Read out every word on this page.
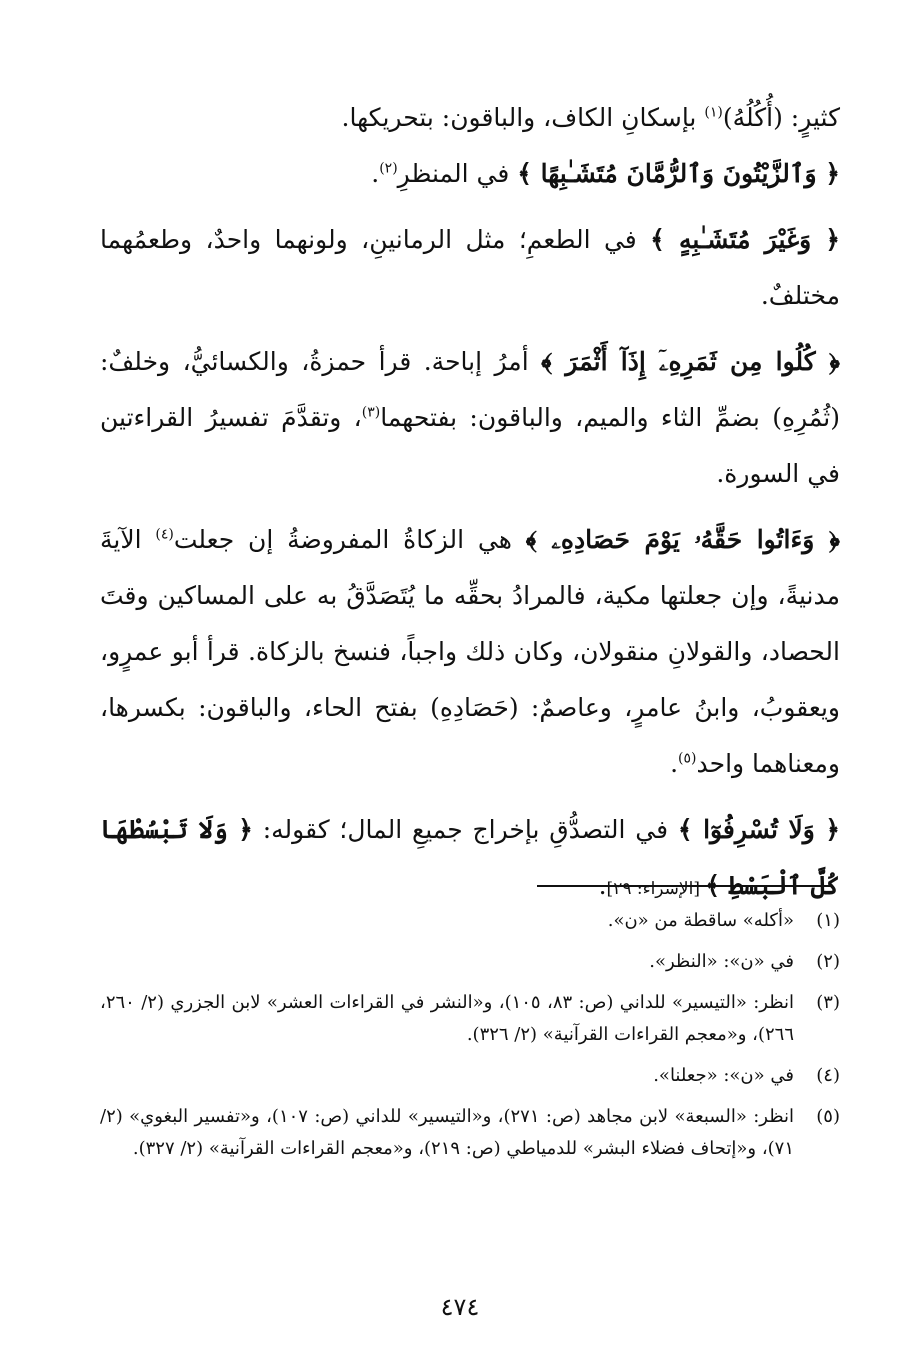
كثيرٍ: (أُكُلُهُ)$^{(١)}$ بإسكانِ الكاف، والباقون: بتحريكها.

﴿ وَٱلزَّيْتُونَ وَٱلرُّمَّانَ مُتَشَـٰبِهًا ﴾ في المنظرِ$^{(٢)}$.

﴿ وَغَيْرَ مُتَشَـٰبِهٍ ﴾ في الطعمِ؛ مثل الرمانينِ، ولونهما واحدٌ، وطعمُهما مختلفٌ.

﴿ كُلُوا مِن ثَمَرِهِۦٓ إِذَآ أَثْمَرَ ﴾ أمرُ إباحة. قرأ حمزةُ، والكسائيُّ، وخلفٌ: (ثُمُرِهِ) بضمِّ الثاء والميم، والباقون: بفتحهما$^{(٣)}$، وتقدَّمَ تفسيرُ القراءتين في السورة.

﴿ وَءَاتُوا حَقَّهُۥ يَوْمَ حَصَادِهِۦ ﴾ هي الزكاةُ المفروضةُ إن جعلت$^{(٤)}$ الآيةَ مدنيةً، وإن جعلتها مكية، فالمرادُ بحقِّه ما يُتَصَدَّقُ به على المساكين وقتَ الحصاد، والقولانِ منقولان، وكان ذلك واجباً، فنسخ بالزكاة. قرأ أبو عمرٍو، ويعقوبُ، وابنُ عامرٍ، وعاصمٌ: (حَصَادِهِ) بفتح الحاء، والباقون: بكسرها، ومعناهما واحد$^{(٥)}$.

﴿ وَلَا تُسْرِفُوٓا ﴾ في التصدُّقِ بإخراج جميعِ المال؛ كقوله: ﴿ وَلَا تَبْسُطْهَا كُلَّ ٱلْبَسْطِ ﴾ [الإسراء: ٢٩].

(١)
«أكله» ساقطة من «ن».
(٢)
في «ن»: «النظر».
(٣)
انظر: «التيسير» للداني (ص: ٨٣، ١٠٥)، و«النشر في القراءات العشر» لابن الجزري (٢/ ٢٦٠، ٢٦٦)، و«معجم القراءات القرآنية» (٢/ ٣٢٦).
(٤)
في «ن»: «جعلنا».
(٥)
انظر: «السبعة» لابن مجاهد (ص: ٢٧١)، و«التيسير» للداني (ص: ١٠٧)، و«تفسير البغوي» (٢/ ٧١)، و«إتحاف فضلاء البشر» للدمياطي (ص: ٢١٩)، و«معجم القراءات القرآنية» (٢/ ٣٢٧).
٤٧٤
